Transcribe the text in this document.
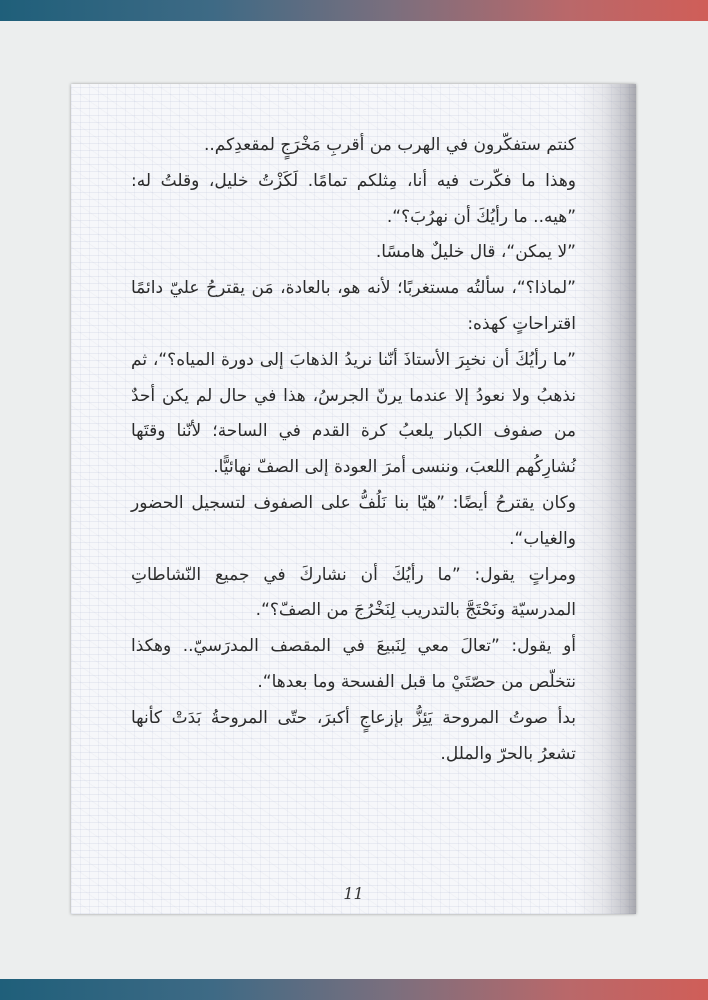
كنتم ستفكّرون في الهرب من أقربِ مَخْرَجٍ لمقعدِكم..

وهذا ما فكّرت فيه أنا، مِثلكم تمامًا. لَكَزْتُ خليل، وقلتُ له: ”هيه.. ما رأيُكَ أن نهرُبَ؟“.

”لا يمكن“، قال خليلٌ هامسًا.

”لماذا؟“، سألتُه مستغربًا؛ لأنه هو، بالعادة، مَن يقترحُ عليّ دائمًا اقتراحاتٍ كهذه:

”ما رأيُكَ أن نخبِرَ الأستاذَ أنّنا نريدُ الذهابَ إلى دورة المياه؟“، ثم نذهبُ ولا نعودُ إلا عندما يرنّ الجرسُ، هذا في حال لم يكن أحدٌ من صفوف الكبار يلعبُ كرة القدم في الساحة؛ لأنّنا وقتَها نُشارِكُهم اللعبَ، وننسى أمرَ العودة إلى الصفّ نهائيًّا.

وكان يقترحُ أيضًا: ”هيّا بنا نَلُفُّ على الصفوف لتسجيل الحضور والغياب“.

ومراتٍ يقول: ”ما رأيُكَ أن نشاركَ في جميع النّشاطاتِ المدرسيّة ونَحْتَجَّ بالتدريب لِنَخْرُجَ من الصفّ؟“.

أو يقول: ”تعالَ معي لِنَبيعَ في المقصف المدرَسيّ.. وهكذا نتخلّص من حصّتَيْ ما قبل الفسحة وما بعدها“.

بدأ صوتُ المروحة يَئِزُّ بإزعاجٍ أكبرَ، حتّى المروحةُ بَدَتْ كأنها تشعرُ بالحرّ والملل.

11
